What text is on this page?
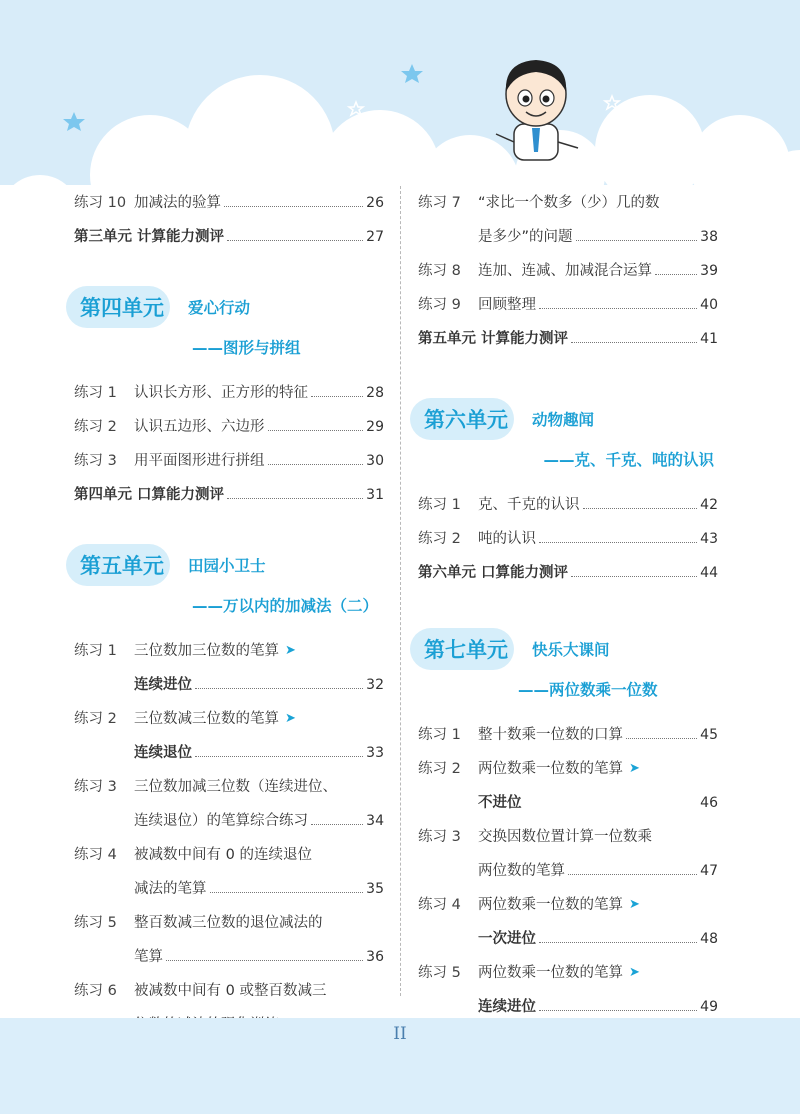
练习 10 加减法的验算	26
第三单元 计算能力测评	27
第四单元	爱心行动
——图形与拼组
练习 1	认识长方形、正方形的特征	28
练习 2	认识五边形、六边形	29
练习 3	用平面图形进行拼组	30
第四单元 口算能力测评	31
第五单元	田园小卫士
——万以内的加减法（二）
练习 1	三位数加三位数的笔算 ➤
连续进位	32
练习 2	三位数减三位数的笔算 ➤
连续退位	33
练习 3	三位数加减三位数（连续进位、
连续退位）的笔算综合练习	34
练习 4	被减数中间有 0 的连续退位
减法的笔算	35
练习 5	整百数减三位数的退位减法的
笔算	36
练习 6	被减数中间有 0 或整百数减三
练习 7	“求比一个数多（少）几的数
是多少”的问题	38
练习 8	连加、连减、加减混合运算	39
练习 9	回顾整理	40
第五单元 计算能力测评	41
第六单元	动物趣闻
——克、千克、吨的认识
练习 1	克、千克的认识	42
练习 2	吨的认识	43
第六单元 口算能力测评	44
第七单元	快乐大课间
——两位数乘一位数
练习 1	整十数乘一位数的口算	45
练习 2	两位数乘一位数的笔算 ➤
不进位	46
练习 3	交换因数位置计算一位数乘
两位数的笔算	47
练习 4	两位数乘一位数的笔算 ➤
一次进位	48
练习 5	两位数乘一位数的笔算 ➤
连续进位	49
II
